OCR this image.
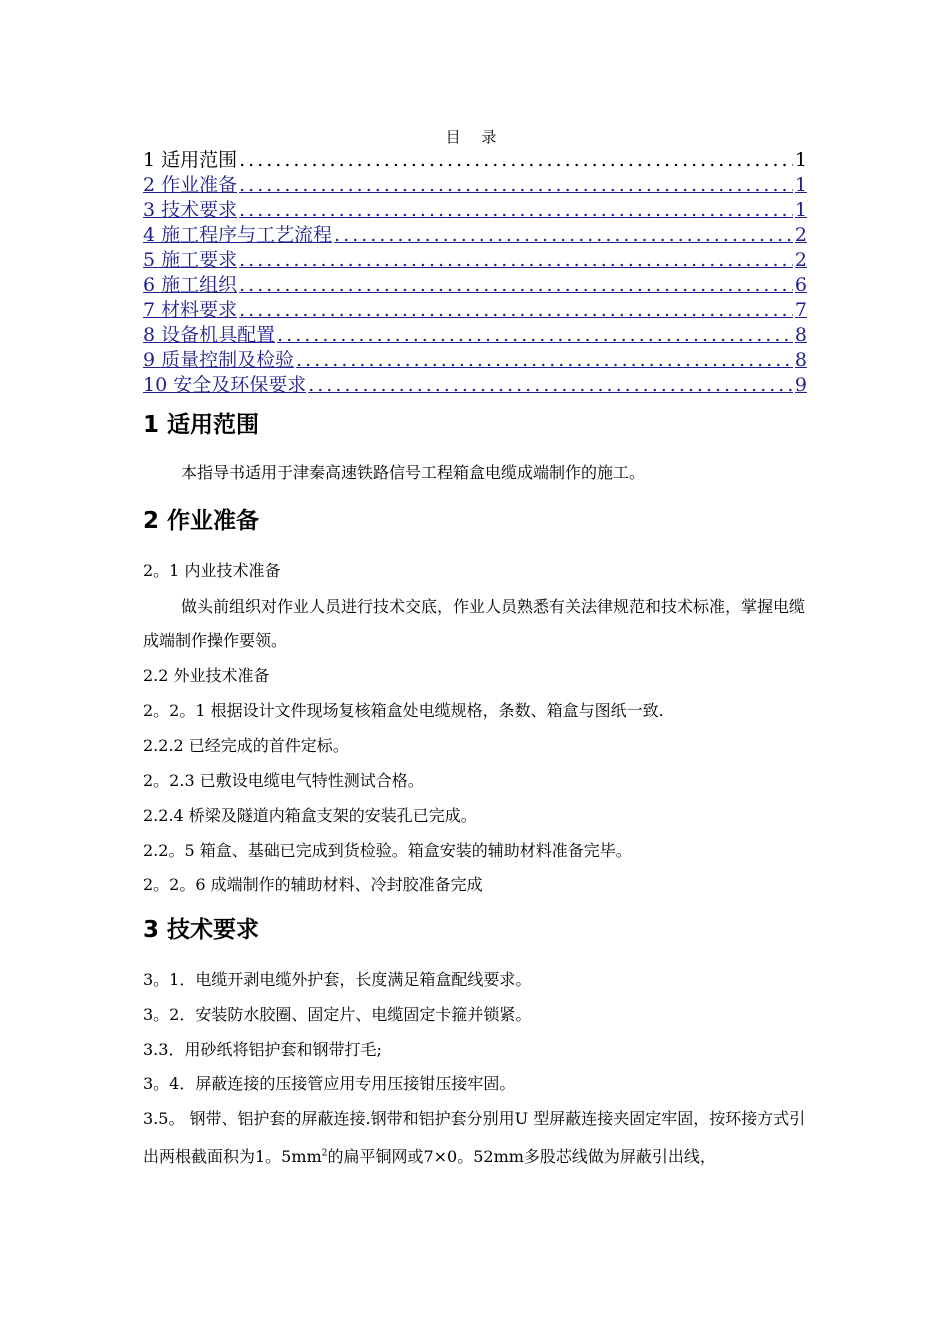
目 录
1 适用范围 .....	1
2 作业准备 .....	1
3 技术要求 .....	1
4 施工程序与工艺流程 .....	2
5 施工要求 .....	2
6 施工组织 .....	6
7 材料要求 .....	7
8 设备机具配置 .....	8
9 质量控制及检验 .....	8
10 安全及环保要求 .....	9
1 适用范围
本指导书适用于津秦高速铁路信号工程箱盒电缆成端制作的施工。
2 作业准备
2。1 内业技术准备
做头前组织对作业人员进行技术交底，作业人员熟悉有关法律规范和技术标准，掌握电缆成端制作操作要领。
2.2 外业技术准备
2。2。1 根据设计文件现场复核箱盒处电缆规格，条数、箱盒与图纸一致.
2.2.2 已经完成的首件定标。
2。2.3 已敷设电缆电气特性测试合格。
2.2.4 桥梁及隧道内箱盒支架的安装孔已完成。
2.2。5 箱盒、基础已完成到货检验。箱盒安装的辅助材料准备完毕。
2。2。6 成端制作的辅助材料、冷封胶准备完成
3 技术要求
3。1．电缆开剥电缆外护套，长度满足箱盒配线要求。
3。2．安装防水胶圈、固定片、电缆固定卡箍并锁紧。
3.3．用砂纸将铝护套和钢带打毛;
3。4．屏蔽连接的压接管应用专用压接钳压接牢固。
3.5。 钢带、铝护套的屏蔽连接.钢带和铝护套分别用U 型屏蔽连接夹固定牢固，按环接方式引出两根截面积为1。$5mm^2$的扁平铜网或7×0。52mm多股芯线做为屏蔽引出线，
